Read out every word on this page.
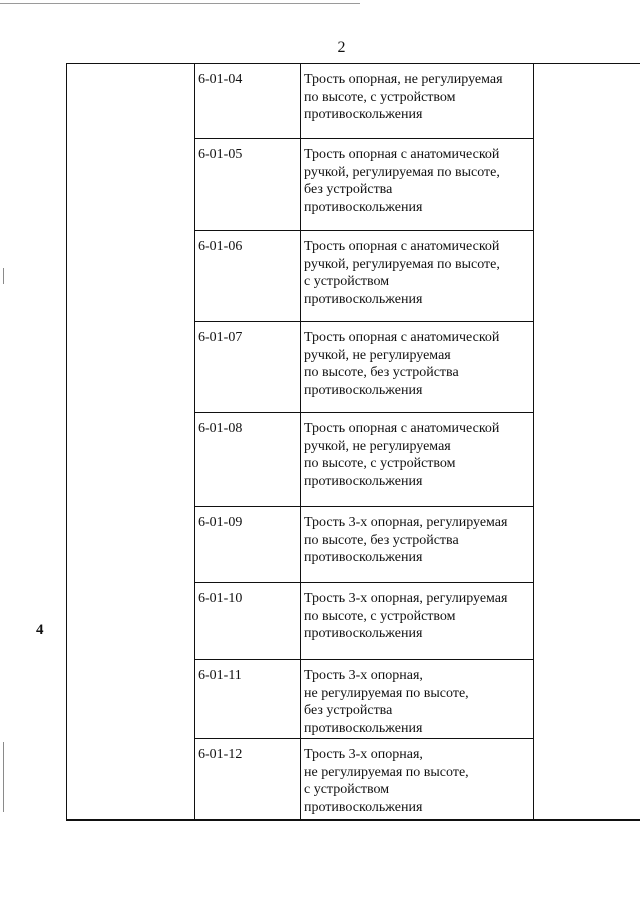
2
4
	6-01-04	Трость опорная, не регулируемая
по высоте, с устройством
противоскольжения	
	6-01-05	Трость опорная с анатомической
ручкой, регулируемая по высоте,
без устройства
противоскольжения	
	6-01-06	Трость опорная с анатомической
ручкой, регулируемая по высоте,
с устройством
противоскольжения	
	6-01-07	Трость опорная с анатомической
ручкой, не регулируемая
по высоте, без устройства
противоскольжения	
	6-01-08	Трость опорная с анатомической
ручкой, не регулируемая
по высоте, с устройством
противоскольжения	
	6-01-09	Трость 3-х опорная, регулируемая
по высоте, без устройства
противоскольжения	
	6-01-10	Трость 3-х опорная, регулируемая
по высоте, с устройством
противоскольжения	
	6-01-11	Трость 3-х опорная,
не регулируемая по высоте,
без устройства
противоскольжения	
	6-01-12	Трость 3-х опорная,
не регулируемая по высоте,
с устройством
противоскольжения	
